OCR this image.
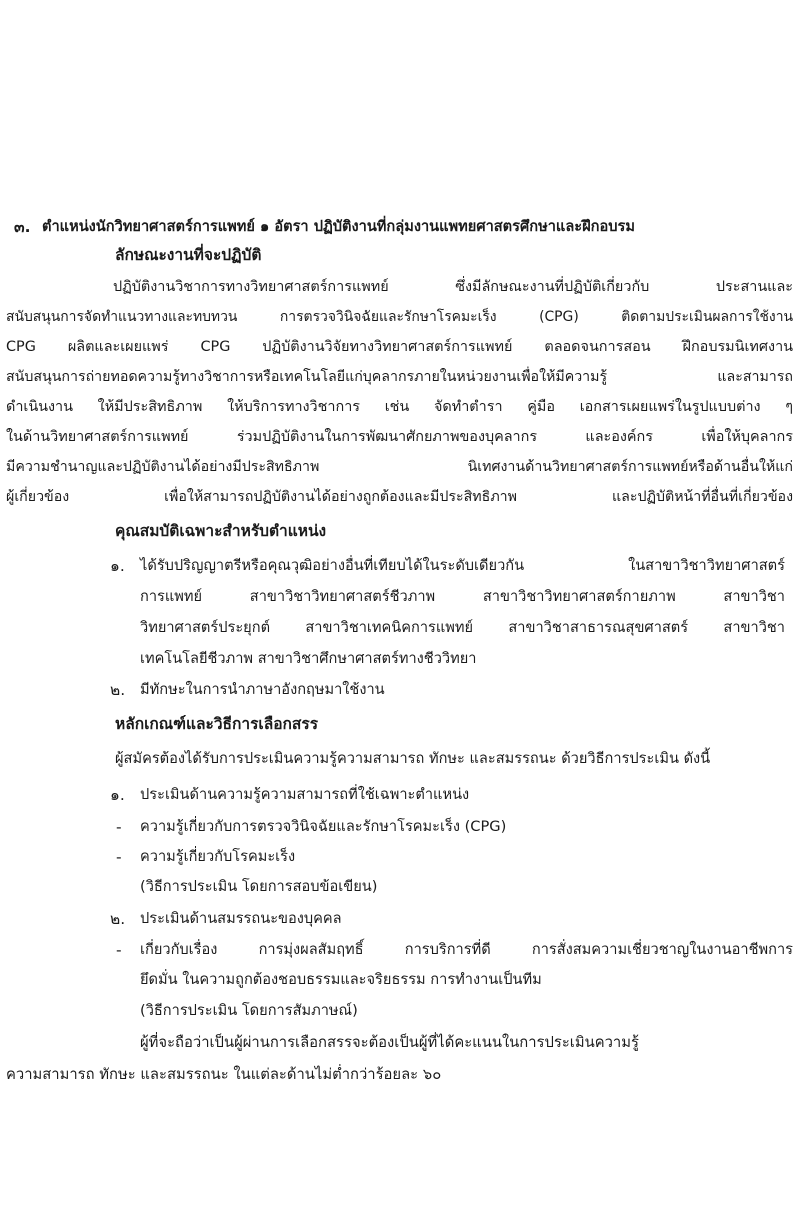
๓. ตำแหน่งนักวิทยาศาสตร์การแพทย์ ๑ อัตรา ปฏิบัติงานที่กลุ่มงานแพทยศาสตรศึกษาและฝึกอบรม
ลักษณะงานที่จะปฏิบัติ
ปฏิบัติงานวิชาการทางวิทยาศาสตร์การแพทย์ ซึ่งมีลักษณะงานที่ปฏิบัติเกี่ยวกับ ประสานและ
สนับสนุนการจัดทำแนวทางและทบทวน การตรวจวินิจฉัยและรักษาโรคมะเร็ง (CPG) ติดตามประเมินผลการใช้งาน
CPG ผลิตและเผยแพร่ CPG ปฏิบัติงานวิจัยทางวิทยาศาสตร์การแพทย์ ตลอดจนการสอน ฝึกอบรมนิเทศงาน
สนับสนุนการถ่ายทอดความรู้ทางวิชาการหรือเทคโนโลยีแก่บุคลากรภายในหน่วยงานเพื่อให้มีความรู้ และสามารถ
ดำเนินงาน ให้มีประสิทธิภาพ ให้บริการทางวิชาการ เช่น จัดทำตำรา คู่มือ เอกสารเผยแพร่ในรูปแบบต่าง ๆ
ในด้านวิทยาศาสตร์การแพทย์ ร่วมปฏิบัติงานในการพัฒนาศักยภาพของบุคลากร และองค์กร เพื่อให้บุคลากร
มีความชำนาญและปฏิบัติงานได้อย่างมีประสิทธิภาพ นิเทศงานด้านวิทยาศาสตร์การแพทย์หรือด้านอื่นให้แก่
ผู้เกี่ยวข้อง เพื่อให้สามารถปฏิบัติงานได้อย่างถูกต้องและมีประสิทธิภาพ และปฏิบัติหน้าที่อื่นที่เกี่ยวข้อง
คุณสมบัติเฉพาะสำหรับตำแหน่ง
๑. ได้รับปริญญาตรีหรือคุณวุฒิอย่างอื่นที่เทียบได้ในระดับเดียวกัน ในสาขาวิชาวิทยาศาสตร์
การแพทย์ สาขาวิชาวิทยาศาสตร์ชีวภาพ สาขาวิชาวิทยาศาสตร์กายภาพ สาขาวิชา
วิทยาศาสตร์ประยุกต์ สาขาวิชาเทคนิคการแพทย์ สาขาวิชาสาธารณสุขศาสตร์ สาขาวิชา
เทคโนโลยีชีวภาพ สาขาวิชาศึกษาศาสตร์ทางชีววิทยา
๒. มีทักษะในการนำภาษาอังกฤษมาใช้งาน
หลักเกณฑ์และวิธีการเลือกสรร
ผู้สมัครต้องได้รับการประเมินความรู้ความสามารถ ทักษะ และสมรรถนะ ด้วยวิธีการประเมิน ดังนี้
๑. ประเมินด้านความรู้ความสามารถที่ใช้เฉพาะตำแหน่ง
- ความรู้เกี่ยวกับการตรวจวินิจฉัยและรักษาโรคมะเร็ง (CPG)
- ความรู้เกี่ยวกับโรคมะเร็ง
(วิธีการประเมิน โดยการสอบข้อเขียน)
๒. ประเมินด้านสมรรถนะของบุคคล
- เกี่ยวกับเรื่อง การมุ่งผลสัมฤทธิ์ การบริการที่ดี การสั่งสมความเชี่ยวชาญในงานอาชีพการ
ยึดมั่น ในความถูกต้องชอบธรรมและจริยธรรม การทำงานเป็นทีม
(วิธีการประเมิน โดยการสัมภาษณ์)
ผู้ที่จะถือว่าเป็นผู้ผ่านการเลือกสรรจะต้องเป็นผู้ที่ได้คะแนนในการประเมินความรู้
ความสามารถ ทักษะ และสมรรถนะ ในแต่ละด้านไม่ต่ำกว่าร้อยละ ๖๐
